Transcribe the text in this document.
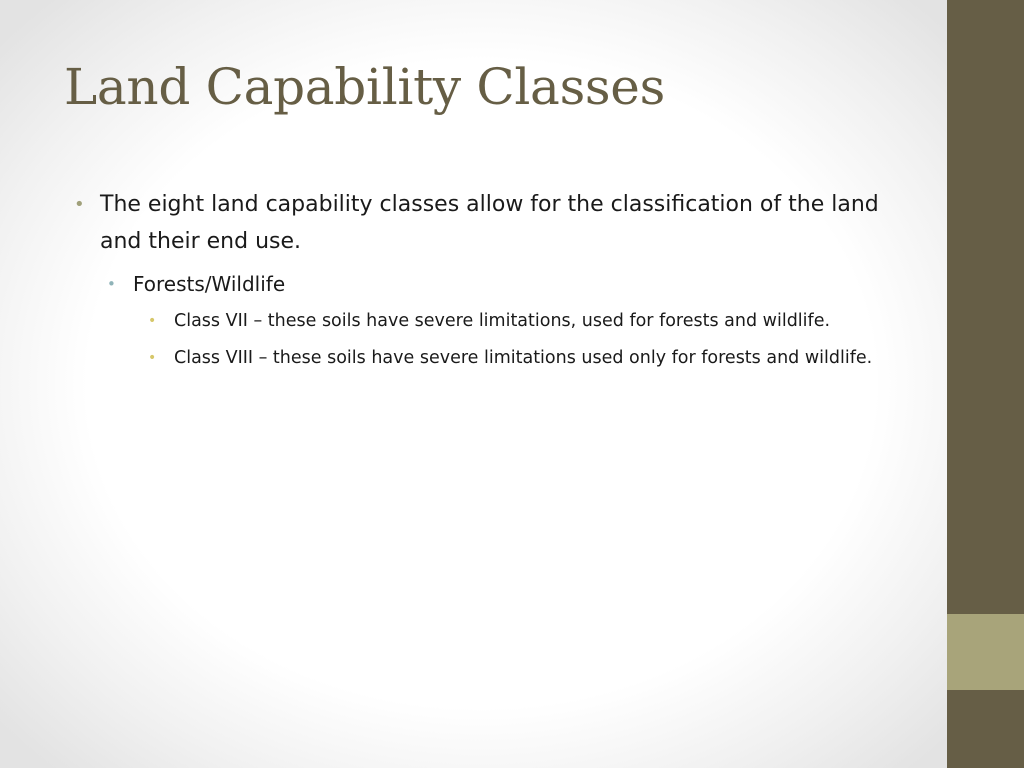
Land Capability Classes
• The eight land capability classes allow for the classification of the land and their end use.
• Forests/Wildlife
• Class VII – these soils have severe limitations, used for forests and wildlife.
• Class VIII – these soils have severe limitations used only for forests and wildlife.
